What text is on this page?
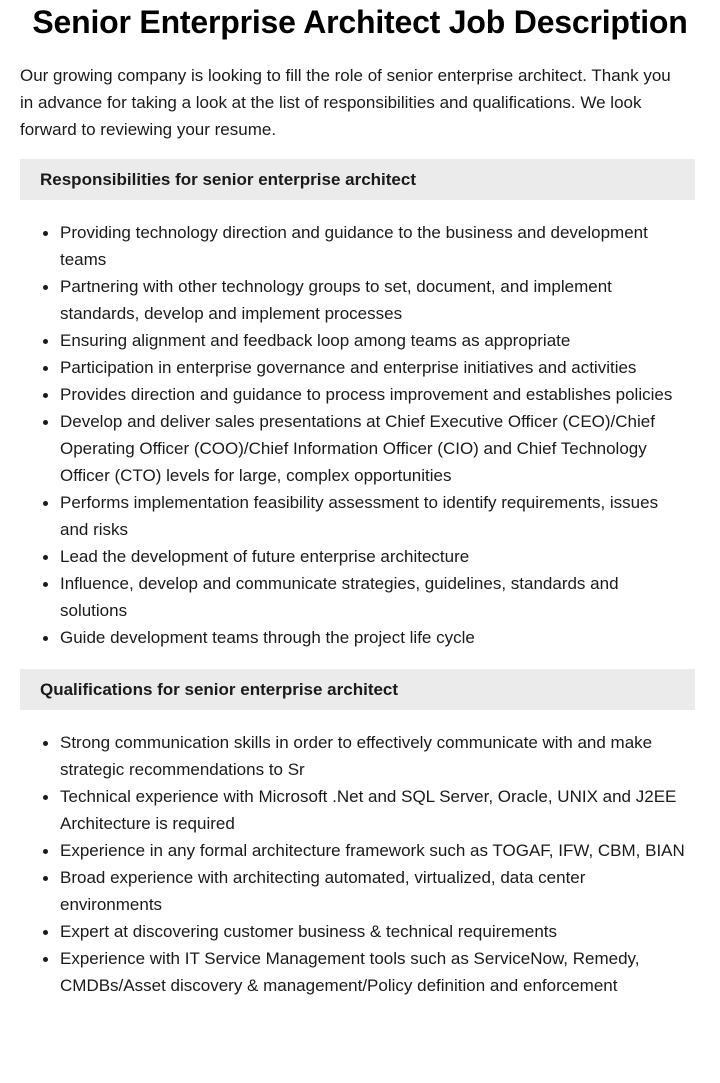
Senior Enterprise Architect Job Description

Our growing company is looking to fill the role of senior enterprise architect. Thank you in advance for taking a look at the list of responsibilities and qualifications. We look forward to reviewing your resume.

Responsibilities for senior enterprise architect
Providing technology direction and guidance to the business and development teams
Partnering with other technology groups to set, document, and implement standards, develop and implement processes
Ensuring alignment and feedback loop among teams as appropriate
Participation in enterprise governance and enterprise initiatives and activities
Provides direction and guidance to process improvement and establishes policies
Develop and deliver sales presentations at Chief Executive Officer (CEO)/Chief Operating Officer (COO)/Chief Information Officer (CIO) and Chief Technology Officer (CTO) levels for large, complex opportunities
Performs implementation feasibility assessment to identify requirements, issues and risks
Lead the development of future enterprise architecture
Influence, develop and communicate strategies, guidelines, standards and solutions
Guide development teams through the project life cycle
Qualifications for senior enterprise architect
Strong communication skills in order to effectively communicate with and make strategic recommendations to Sr
Technical experience with Microsoft .Net and SQL Server, Oracle, UNIX and J2EE Architecture is required
Experience in any formal architecture framework such as TOGAF, IFW, CBM, BIAN
Broad experience with architecting automated, virtualized, data center environments
Expert at discovering customer business & technical requirements
Experience with IT Service Management tools such as ServiceNow, Remedy, CMDBs/Asset discovery & management/Policy definition and enforcement
